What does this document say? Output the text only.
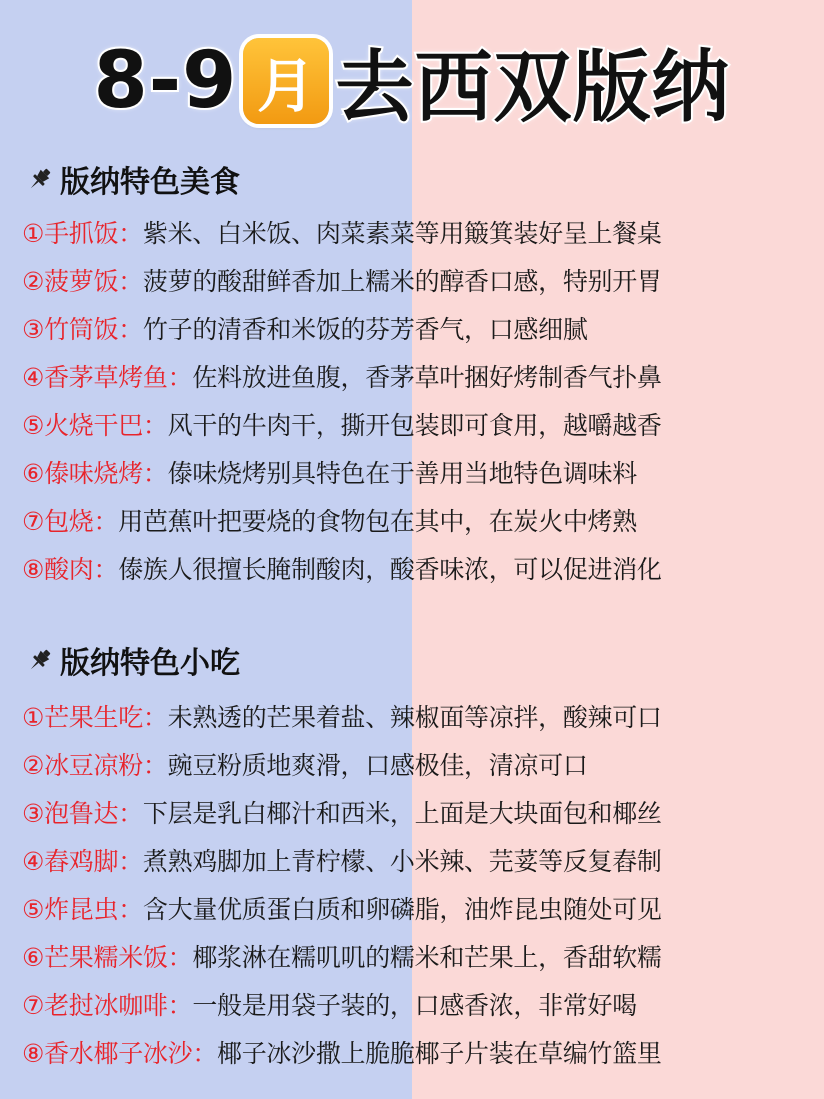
8-9 月 去西双版纳
版纳特色美食
①手抓饭：紫米、白米饭、肉菜素菜等用簸箕装好呈上餐桌
②菠萝饭：菠萝的酸甜鲜香加上糯米的醇香口感，特别开胃
③竹筒饭：竹子的清香和米饭的芬芳香气，口感细腻
④香茅草烤鱼：佐料放进鱼腹，香茅草叶捆好烤制香气扑鼻
⑤火烧干巴：风干的牛肉干，撕开包装即可食用，越嚼越香
⑥傣味烧烤：傣味烧烤别具特色在于善用当地特色调味料
⑦包烧：用芭蕉叶把要烧的食物包在其中，在炭火中烤熟
⑧酸肉：傣族人很擅长腌制酸肉，酸香味浓，可以促进消化
版纳特色小吃
①芒果生吃：未熟透的芒果着盐、辣椒面等凉拌，酸辣可口
②冰豆凉粉：豌豆粉质地爽滑，口感极佳，清凉可口
③泡鲁达：下层是乳白椰汁和西米，上面是大块面包和椰丝
④舂鸡脚：煮熟鸡脚加上青柠檬、小米辣、芫荽等反复舂制
⑤炸昆虫：含大量优质蛋白质和卵磷脂，油炸昆虫随处可见
⑥芒果糯米饭：椰浆淋在糯叽叽的糯米和芒果上，香甜软糯
⑦老挝冰咖啡：一般是用袋子装的，口感香浓，非常好喝
⑧香水椰子冰沙：椰子冰沙撒上脆脆椰子片装在草编竹篮里
